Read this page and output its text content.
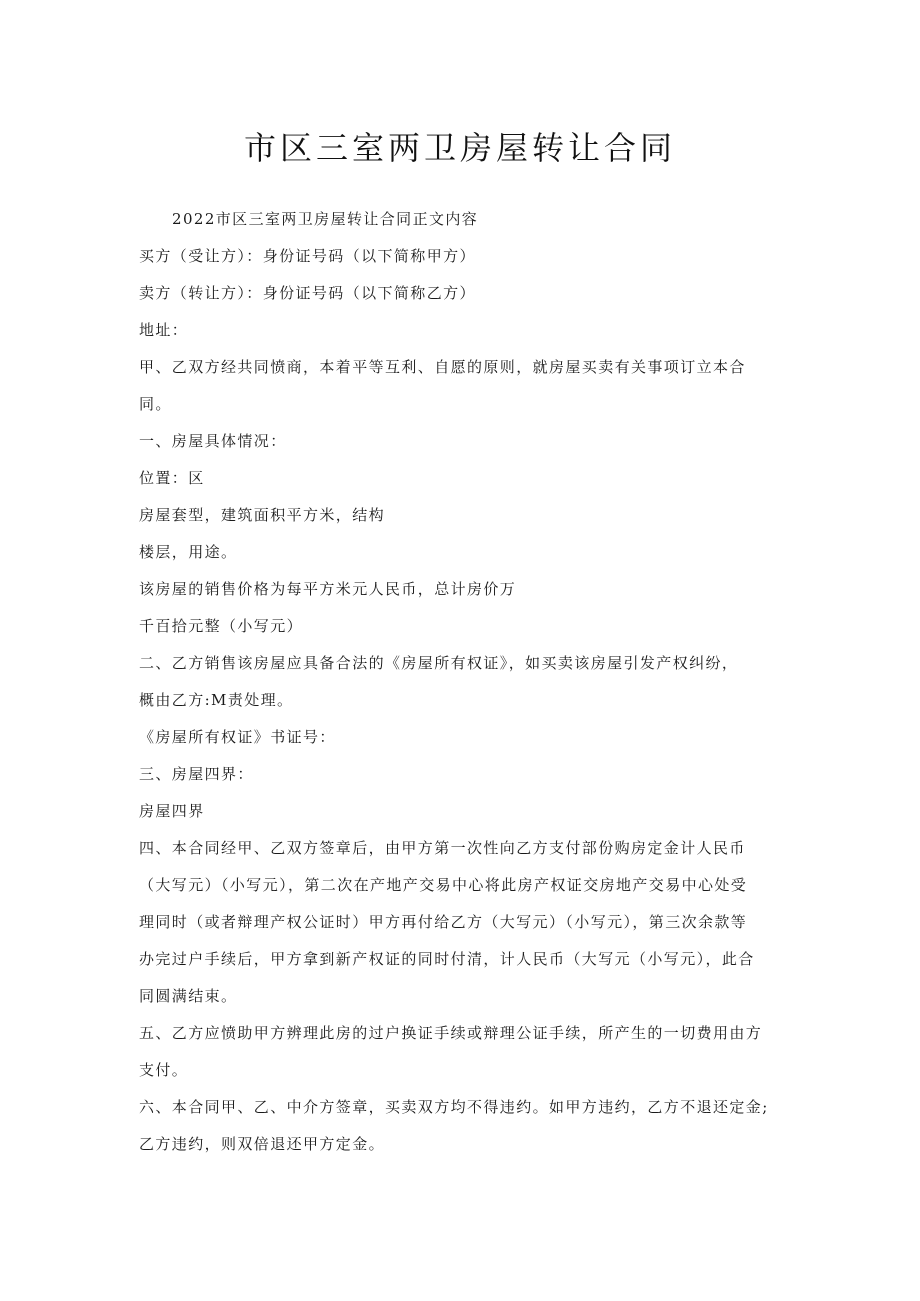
市区三室两卫房屋转让合同
2022市区三室两卫房屋转让合同正文内容
买方（受让方）：身份证号码（以下简称甲方）
卖方（转让方）：身份证号码（以下简称乙方）
地址：
甲、乙双方经共同愤商，本着平等互利、自愿的原则，就房屋买卖有关事项订立本合
同。
一、房屋具体情况：
位置：区
房屋套型，建筑面积平方米，结构
楼层，用途。
该房屋的销售价格为每平方米元人民币，总计房价万
千百拾元整（小写元）
二、乙方销售该房屋应具备合法的《房屋所有权证》，如买卖该房屋引发产权纠纷，
概由乙方:M责处理。
《房屋所有权证》书证号：
三、房屋四界：
房屋四界
四、本合同经甲、乙双方签章后，由甲方第一次性向乙方支付部份购房定金计人民币
（大写元）（小写元），第二次在产地产交易中心将此房产权证交房地产交易中心处受
理同时（或者辩理产权公证时）甲方再付给乙方（大写元）（小写元），第三次余款等
办完过户手续后，甲方拿到新产权证的同时付清，计人民币（大写元（小写元），此合
同圆满结束。
五、乙方应愤助甲方辨理此房的过户换证手续或辩理公证手续，所产生的一切费用由方
支付。
六、本合同甲、乙、中介方签章，买卖双方均不得违约。如甲方违约，乙方不退还定金;
乙方违约，则双倍退还甲方定金。
